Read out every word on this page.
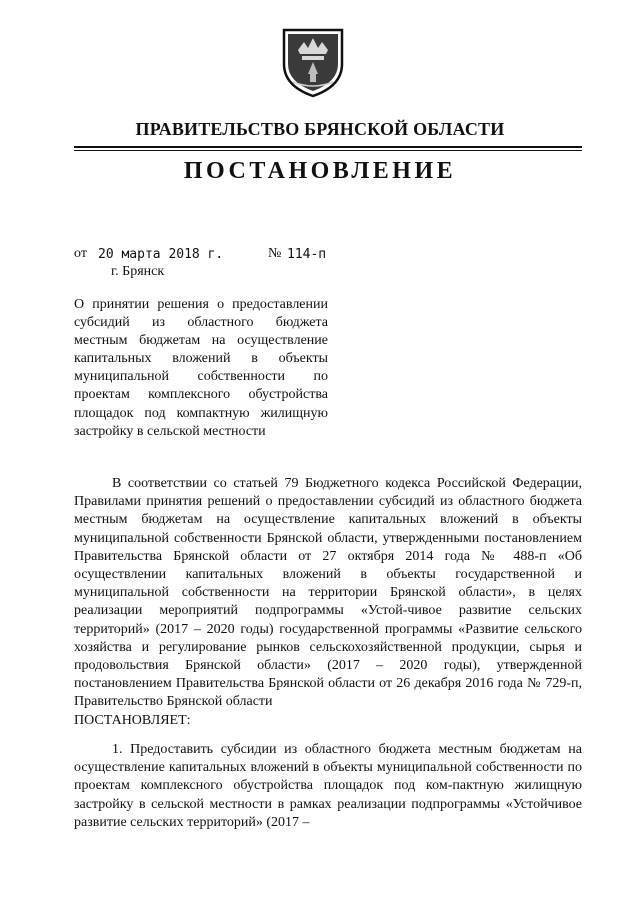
ПРАВИТЕЛЬСТВО БРЯНСКОЙ ОБЛАСТИ
ПОСТАНОВЛЕНИЕ
от 20 марта 2018 г.	№ 114-п
г. Брянск
О принятии решения о предоставлении субсидий из областного бюджета местным бюджетам на осуществление капитальных вложений в объекты муниципальной собственности по проектам комплексного обустройства площадок под компактную жилищную застройку в сельской местности
В соответствии со статьей 79 Бюджетного кодекса Российской Федерации, Правилами принятия решений о предоставлении субсидий из областного бюджета местным бюджетам на осуществление капитальных вложений в объекты муниципальной собственности Брянской области, утвержденными постановлением Правительства Брянской области от 27 октября 2014 года № 488-п «Об осуществлении капитальных вложений в объекты государственной и муниципальной собственности на территории Брянской области», в целях реализации мероприятий подпрограммы «Устой-чивое развитие сельских территорий» (2017 – 2020 годы) государственной программы «Развитие сельского хозяйства и регулирование рынков сельскохозяйственной продукции, сырья и продовольствия Брянской области» (2017 – 2020 годы), утвержденной постановлением Правительства Брянской области от 26 декабря 2016 года № 729-п, Правительство Брянской области
ПОСТАНОВЛЯЕТ:
1. Предоставить субсидии из областного бюджета местным бюджетам на осуществление капитальных вложений в объекты муниципальной собственности по проектам комплексного обустройства площадок под ком-пактную жилищную застройку в сельской местности в рамках реализации подпрограммы «Устойчивое развитие сельских территорий» (2017 –
